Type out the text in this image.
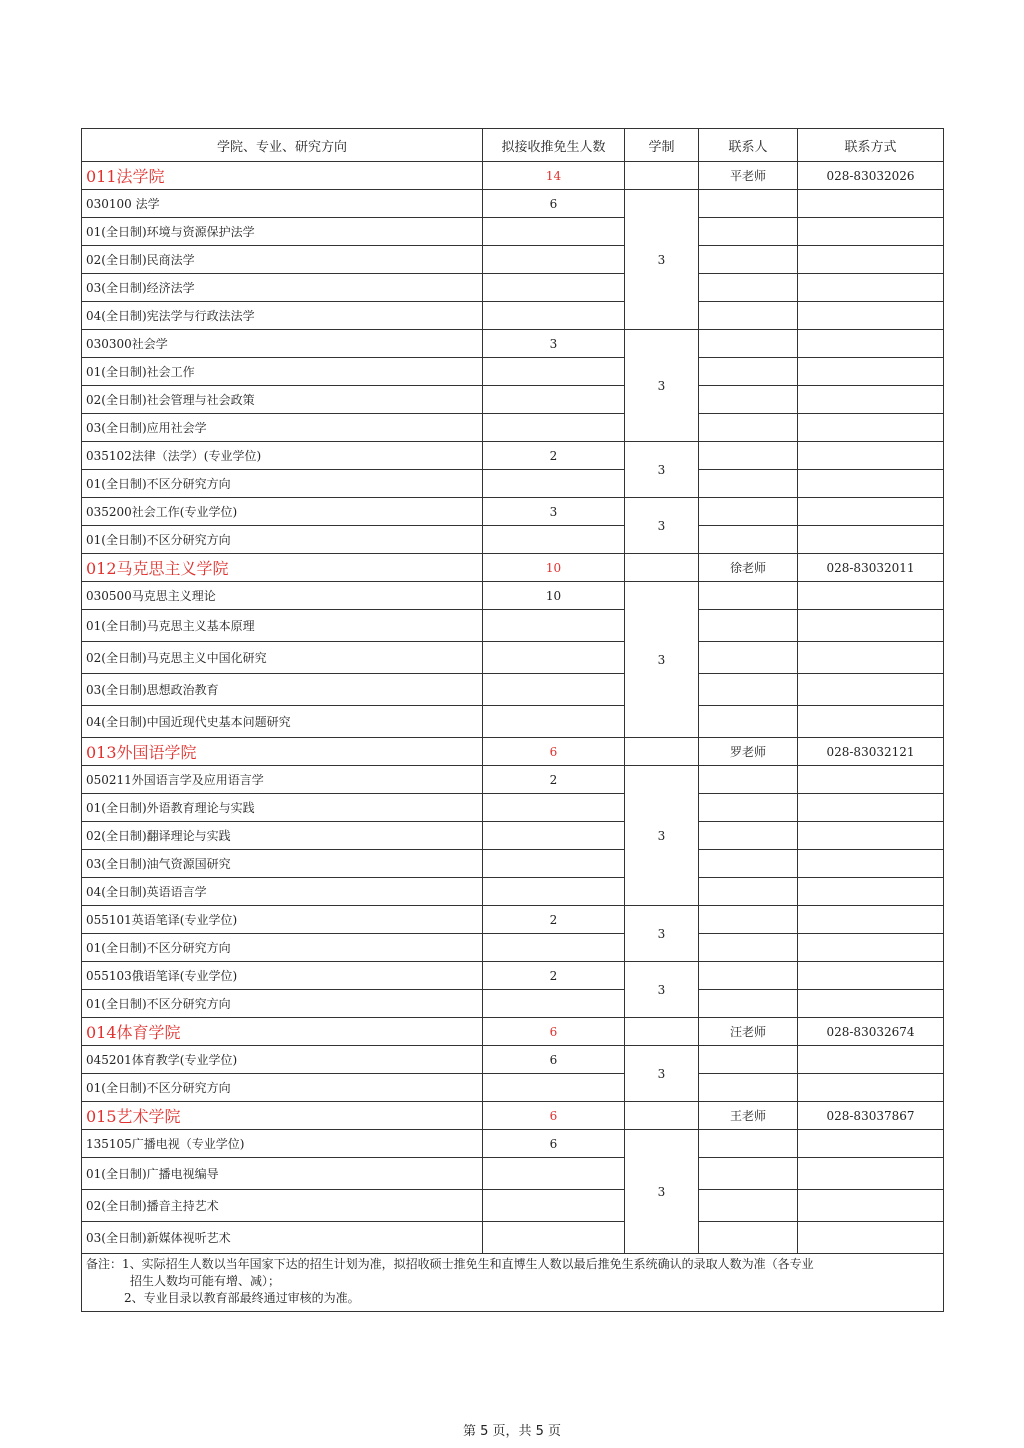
学院、专业、研究方向	拟接收推免生人数	学制	联系人	联系方式
011法学院	14		平老师	028-83032026
030100 法学	6	3		
01(全日制)环境与资源保护法学				
02(全日制)民商法学				
03(全日制)经济法学				
04(全日制)宪法学与行政法法学				
030300社会学	3	3		
01(全日制)社会工作				
02(全日制)社会管理与社会政策				
03(全日制)应用社会学				
035102法律（法学）(专业学位)	2	3		
01(全日制)不区分研究方向				
035200社会工作(专业学位)	3	3		
01(全日制)不区分研究方向				
012马克思主义学院	10		徐老师	028-83032011
030500马克思主义理论	10	3		
01(全日制)马克思主义基本原理				
02(全日制)马克思主义中国化研究				
03(全日制)思想政治教育				
04(全日制)中国近现代史基本问题研究				
013外国语学院	6		罗老师	028-83032121
050211外国语言学及应用语言学	2	3		
01(全日制)外语教育理论与实践				
02(全日制)翻译理论与实践				
03(全日制)油气资源国研究				
04(全日制)英语语言学				
055101英语笔译(专业学位)	2	3		
01(全日制)不区分研究方向				
055103俄语笔译(专业学位)	2	3		
01(全日制)不区分研究方向				
014体育学院	6		汪老师	028-83032674
045201体育教学(专业学位)	6	3		
01(全日制)不区分研究方向				
015艺术学院	6		王老师	028-83037867
135105广播电视（专业学位)	6	3		
01(全日制)广播电视编导				
02(全日制)播音主持艺术				
03(全日制)新媒体视听艺术				

备注：1、实际招生人数以当年国家下达的招生计划为准，拟招收硕士推免生和直博生人数以最后推免生系统确认的录取人数为准（各专业
招生人数均可能有增、减）；
2、专业目录以教育部最终通过审核的为准。				
第 5 页，共 5 页
